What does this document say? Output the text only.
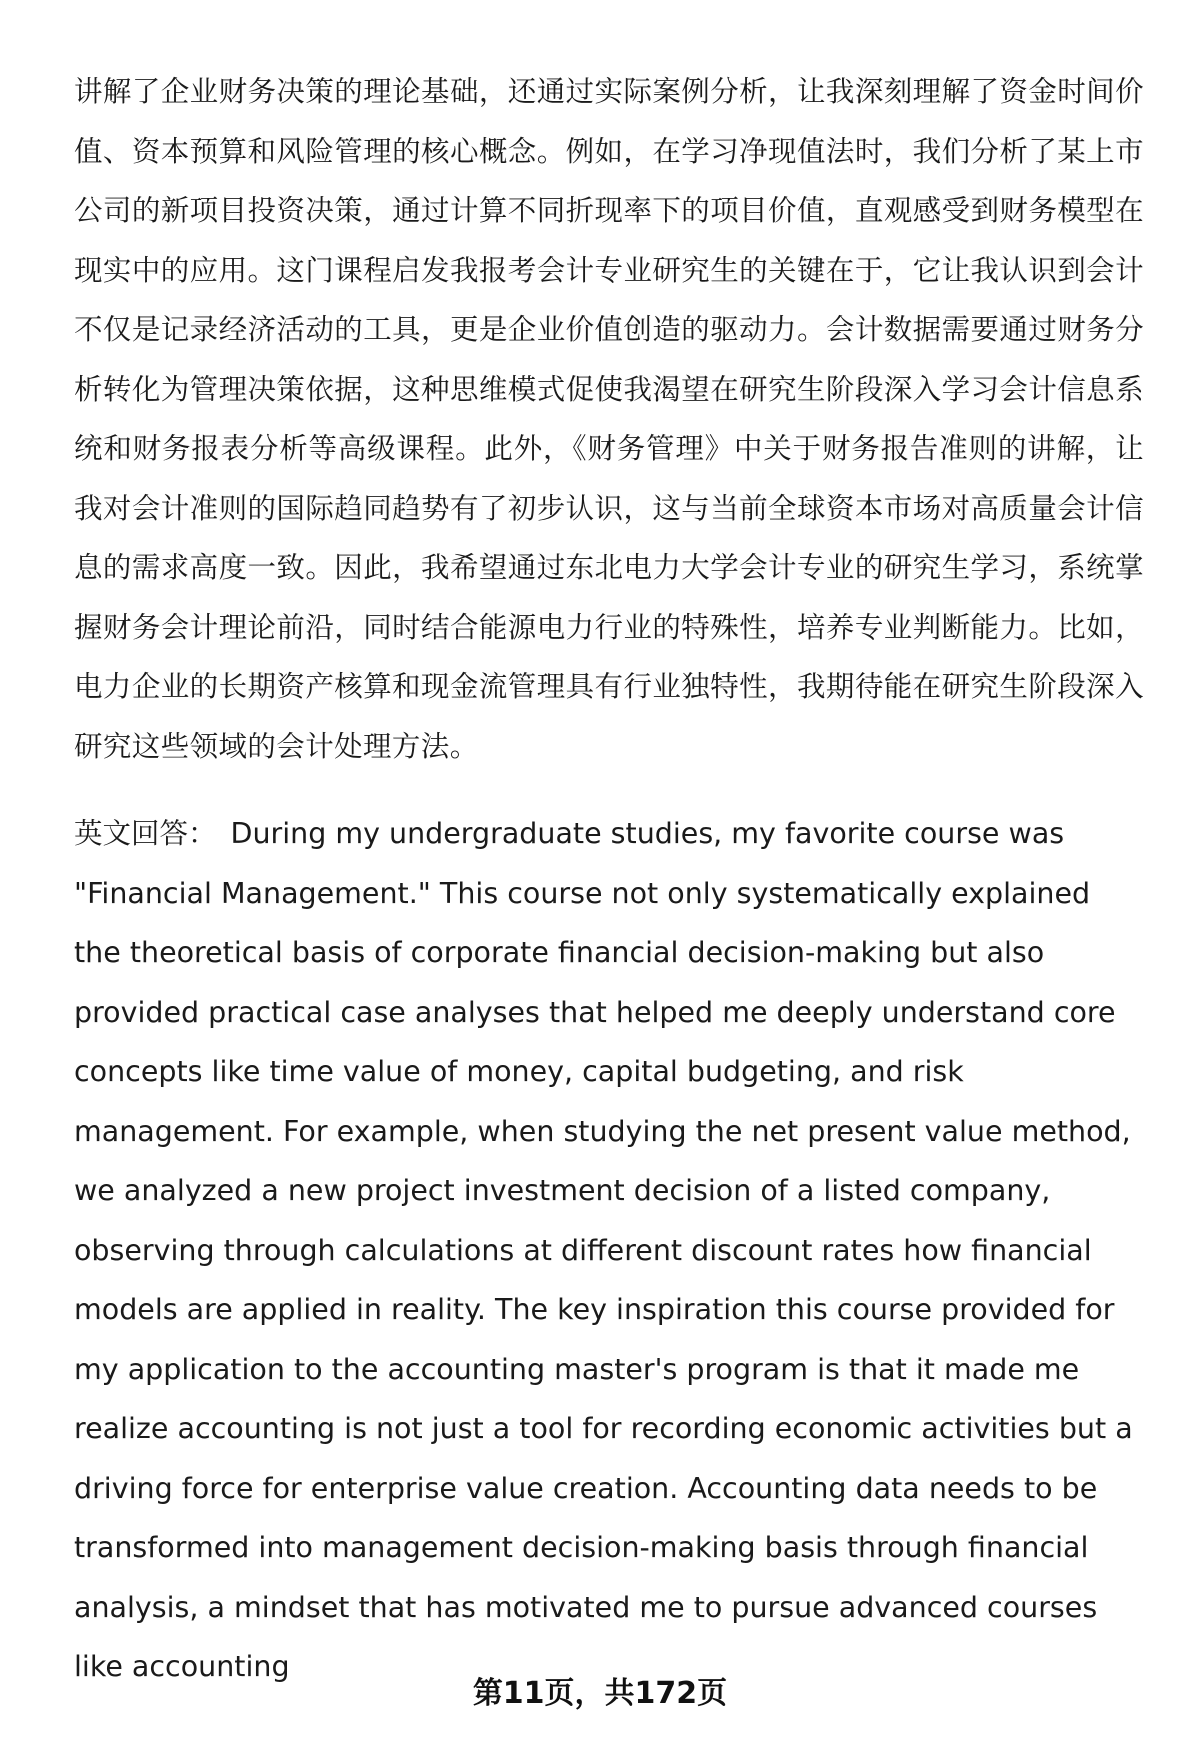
讲解了企业财务决策的理论基础，还通过实际案例分析，让我深刻理解了资金时间价值、资本预算和风险管理的核心概念。例如，在学习净现值法时，我们分析了某上市公司的新项目投资决策，通过计算不同折现率下的项目价值，直观感受到财务模型在现实中的应用。这门课程启发我报考会计专业研究生的关键在于，它让我认识到会计不仅是记录经济活动的工具，更是企业价值创造的驱动力。会计数据需要通过财务分析转化为管理决策依据，这种思维模式促使我渴望在研究生阶段深入学习会计信息系统和财务报表分析等高级课程。此外，《财务管理》中关于财务报告准则的讲解，让我对会计准则的国际趋同趋势有了初步认识，这与当前全球资本市场对高质量会计信息的需求高度一致。因此，我希望通过东北电力大学会计专业的研究生学习，系统掌握财务会计理论前沿，同时结合能源电力行业的特殊性，培养专业判断能力。比如，电力企业的长期资产核算和现金流管理具有行业独特性，我期待能在研究生阶段深入研究这些领域的会计处理方法。

英文回答： During my undergraduate studies, my favorite course was "Financial Management." This course not only systematically explained the theoretical basis of corporate financial decision-making but also provided practical case analyses that helped me deeply understand core concepts like time value of money, capital budgeting, and risk management. For example, when studying the net present value method, we analyzed a new project investment decision of a listed company, observing through calculations at different discount rates how financial models are applied in reality. The key inspiration this course provided for my application to the accounting master's program is that it made me realize accounting is not just a tool for recording economic activities but a driving force for enterprise value creation. Accounting data needs to be transformed into management decision-making basis through financial analysis, a mindset that has motivated me to pursue advanced courses like accounting

第11页，共172页
